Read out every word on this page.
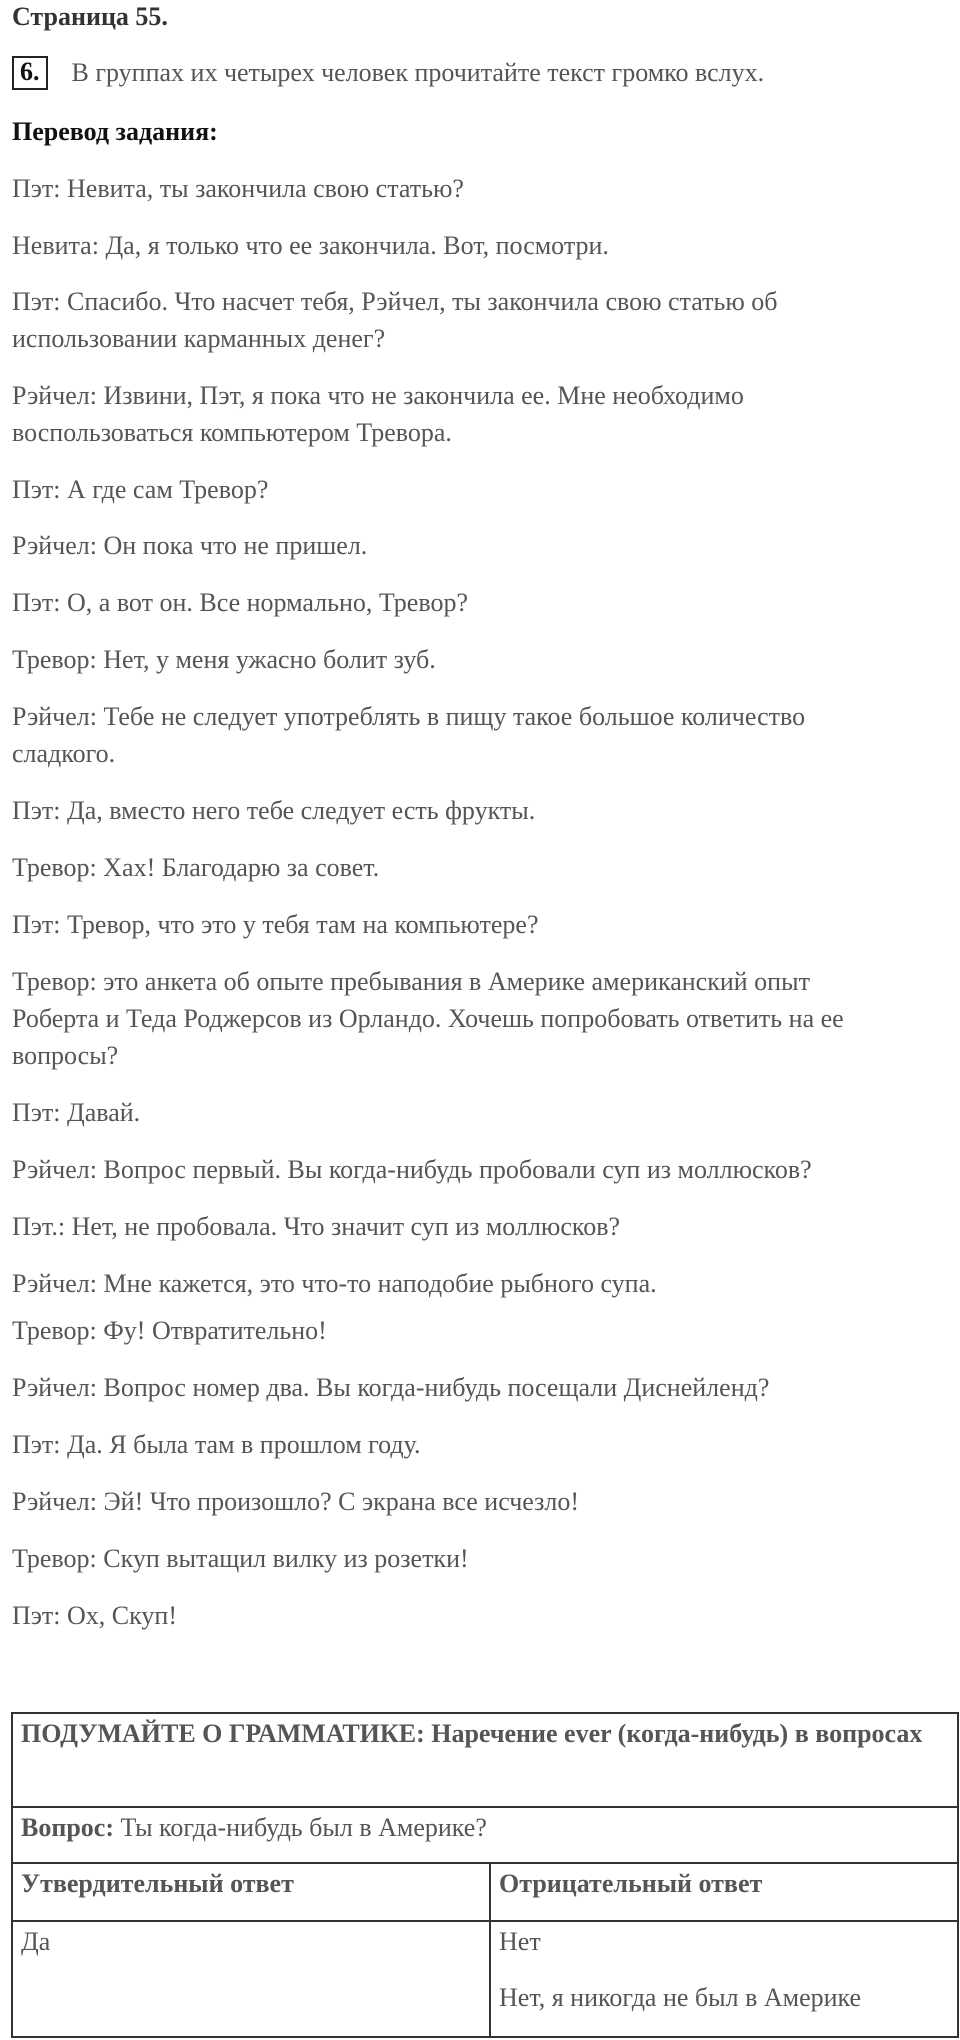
Страница 55.
6.	В группах их четырех человек прочитайте текст громко вслух.
Перевод задания:
Пэт: Невита, ты закончила свою статью?
Невита: Да, я только что ее закончила. Вот, посмотри.
Пэт: Спасибо. Что насчет тебя, Рэйчел, ты закончила свою статью об
использовании карманных денег?
Рэйчел: Извини, Пэт, я пока что не закончила ее. Мне необходимо
воспользоваться компьютером Тревора.
Пэт: А где сам Тревор?
Рэйчел: Он пока что не пришел.
Пэт: О, а вот он. Все нормально, Тревор?
Тревор: Нет, у меня ужасно болит зуб.
Рэйчел: Тебе не следует употреблять в пищу такое большое количество
сладкого.
Пэт: Да, вместо него тебе следует есть фрукты.
Тревор: Хах! Благодарю за совет.
Пэт: Тревор, что это у тебя там на компьютере?
Тревор: это анкета об опыте пребывания в Америке американский опыт
Роберта и Теда Роджерсов из Орландо. Хочешь попробовать ответить на ее
вопросы?
Пэт: Давай.
Рэйчел: Вопрос первый. Вы когда-нибудь пробовали суп из моллюсков?
Пэт.: Нет, не пробовала. Что значит суп из моллюсков?
Рэйчел: Мне кажется, это что-то наподобие рыбного супа.
Тревор: Фу! Отвратительно!
Рэйчел: Вопрос номер два. Вы когда-нибудь посещали Диснейленд?
Пэт: Да. Я была там в прошлом году.
Рэйчел: Эй! Что произошло? С экрана все исчезло!
Тревор: Скуп вытащил вилку из розетки!
Пэт: Ох, Скуп!
ПОДУМАЙТЕ О ГРАММАТИКЕ: Наречение ever (когда-нибудь) в вопросах	
Вопрос: Ты когда-нибудь был в Америке?	
Утвердительный ответ	Отрицательный ответ

Да	Нет
Нет, я никогда не был в Америке
